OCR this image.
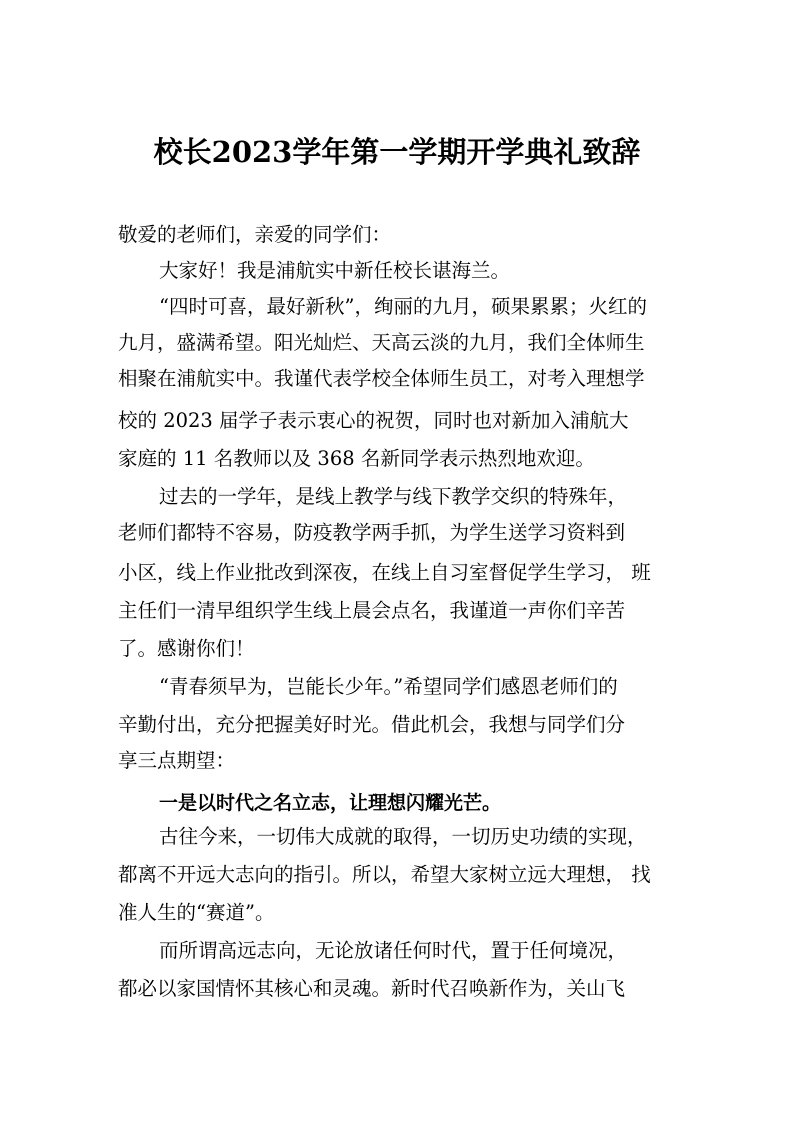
校长2023学年第一学期开学典礼致辞
敬爱的老师们，亲爱的同学们：
大家好！我是浦航实中新任校长谌海兰。
“四时可喜，最好新秋”，绚丽的九月，硕果累累；火红的
九月，盛满希望。阳光灿烂、天高云淡的九月，我们全体师生
相聚在浦航实中。我谨代表学校全体师生员工，对考入理想学
校的 2023 届学子表示衷心的祝贺，同时也对新加入浦航大
家庭的 11 名教师以及 368 名新同学表示热烈地欢迎。
过去的一学年，是线上教学与线下教学交织的特殊年，
老师们都特不容易，防疫教学两手抓，为学生送学习资料到
小区，线上作业批改到深夜，在线上自习室督促学生学习， 班
主任们一清早组织学生线上晨会点名，我谨道一声你们辛苦
了。感谢你们！
“青春须早为，岂能长少年。”希望同学们感恩老师们的
辛勤付出，充分把握美好时光。借此机会，我想与同学们分
享三点期望：
一是以时代之名立志，让理想闪耀光芒。
古往今来，一切伟大成就的取得，一切历史功绩的实现，
都离不开远大志向的指引。所以，希望大家树立远大理想， 找
准人生的“赛道”。
而所谓高远志向，无论放诸任何时代，置于任何境况，
都必以家国情怀其核心和灵魂。新时代召唤新作为，关山飞
